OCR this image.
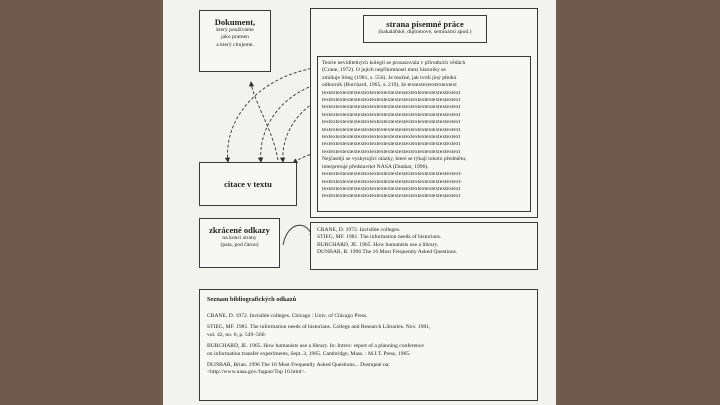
Dokument,
který používáme
jako pramen
a který citujeme.
strana písemné práce
(bakalářské, diplomové, seminární apod.)
Teorie neviditelných kolegií se prosazovala v přírodních vědách
(Crane, 1972). O jejich nepřítomnosti mezi historiky se
zmiňuje Stieg (1981, s. 556). Je možné, jak tvrdí jiný přední
odborník (Burchard, 1965, s. 219), že textextextextextextext
textextextextextextextextextextextextextextextextextextextext
textextextextextextextextextextextextextextextextextextextext
textextextextextextextextextextextextextextextextextextextext
textextextextextextextextextextextextextextextextextextextext
textextextextextextextextextextextextextextextextextextextext
textextextextextextextextextextextextextextextextextextextext
textextextextextextextextextextextextextextextextextextextext
textextextextextextextextextextextextextextextextextextextext
textextextextextextextextextextextextextextextextextextextext
Nejčastěji se vyskytující otázky, které se týkají tohoto předmětu,
interpretuje představitel NASA (Dunbar, 1996).
textextextextextextextextextextextextextextextextextextextext-
textextextextextextextextextextextextextextextextextextextext-
textextextextextextextextextextextextextextextextextextextext
textextextextextextextextextextextextextextextextextextextext
citace v textu
zkrácené odkazy
na konci strany
(pata, pod čarou)
CRANE, D. 1972. Invisible colleges.
STIEG, MF. 1981. The information needs of historians.
BURCHARD, JE. 1965. How humanists use a library.
DUNBAR, B. 1996 The 16 Most Frequently Asked Questions.
Seznam bibliografických odkazů
CRANE, D. 1972. Invisible colleges. Chicago : Univ. of Chicago Press.
STIEG, MF. 1981. The information needs of historians. College and Research Libraries. Nov. 1981,
vol. 42, no. 6, p. 549–560.
BURCHARD, JE. 1965. How humanists use a library. In: Intrex: report of a planning conference
on information transfer experiments, Sept. 3, 1965. Cambridge, Mass. : M.I.T. Press, 1965.
DUNBAR, Brian. 1996 The 16 Most Frequently Asked Questions... Dostupné na:
<http://www.nasa.gov./hqpao/Top 10.html>.
